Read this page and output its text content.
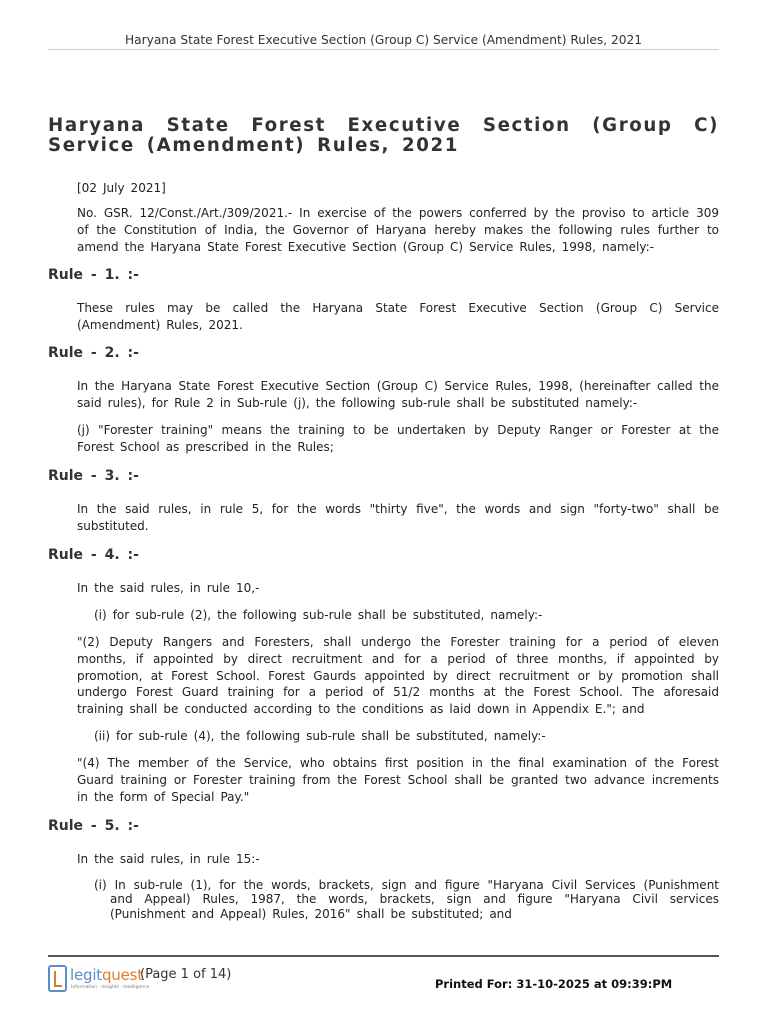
Haryana State Forest Executive Section (Group C) Service (Amendment) Rules, 2021
Haryana State Forest Executive Section (Group C) Service (Amendment) Rules, 2021

[02 July 2021]

No. GSR. 12/Const./Art./309/2021.- In exercise of the powers conferred by the proviso to article 309 of the Constitution of India, the Governor of Haryana hereby makes the following rules further to amend the Haryana State Forest Executive Section (Group C) Service Rules, 1998, namely:-

Rule - 1. :-

These rules may be called the Haryana State Forest Executive Section (Group C) Service (Amendment) Rules, 2021.

Rule - 2. :-

In the Haryana State Forest Executive Section (Group C) Service Rules, 1998, (hereinafter called the said rules), for Rule 2 in Sub-rule (j), the following sub-rule shall be substituted namely:-

(j) "Forester training" means the training to be undertaken by Deputy Ranger or Forester at the Forest School as prescribed in the Rules;

Rule - 3. :-

In the said rules, in rule 5, for the words "thirty five", the words and sign "forty-two" shall be substituted.

Rule - 4. :-

In the said rules, in rule 10,-

(i) for sub-rule (2), the following sub-rule shall be substituted, namely:-

"(2) Deputy Rangers and Foresters, shall undergo the Forester training for a period of eleven months, if appointed by direct recruitment and for a period of three months, if appointed by promotion, at Forest School. Forest Gaurds appointed by direct recruitment or by promotion shall undergo Forest Guard training for a period of 51/2 months at the Forest School. The aforesaid training shall be conducted according to the conditions as laid down in Appendix E."; and

(ii) for sub-rule (4), the following sub-rule shall be substituted, namely:-

"(4) The member of the Service, who obtains first position in the final examination of the Forest Guard training or Forester training from the Forest School shall be granted two advance increments in the form of Special Pay."

Rule - 5. :-

In the said rules, in rule 15:-

(i) In sub-rule (1), for the words, brackets, sign and figure "Haryana Civil Services (Punishment and Appeal) Rules, 1987, the words, brackets, sign and figure "Haryana Civil services (Punishment and Appeal) Rules, 2016" shall be substituted; and

legitquest
Information · Insights · Intelligence
(Page 1 of 14)
Printed For: 31-10-2025 at 09:39:PM
